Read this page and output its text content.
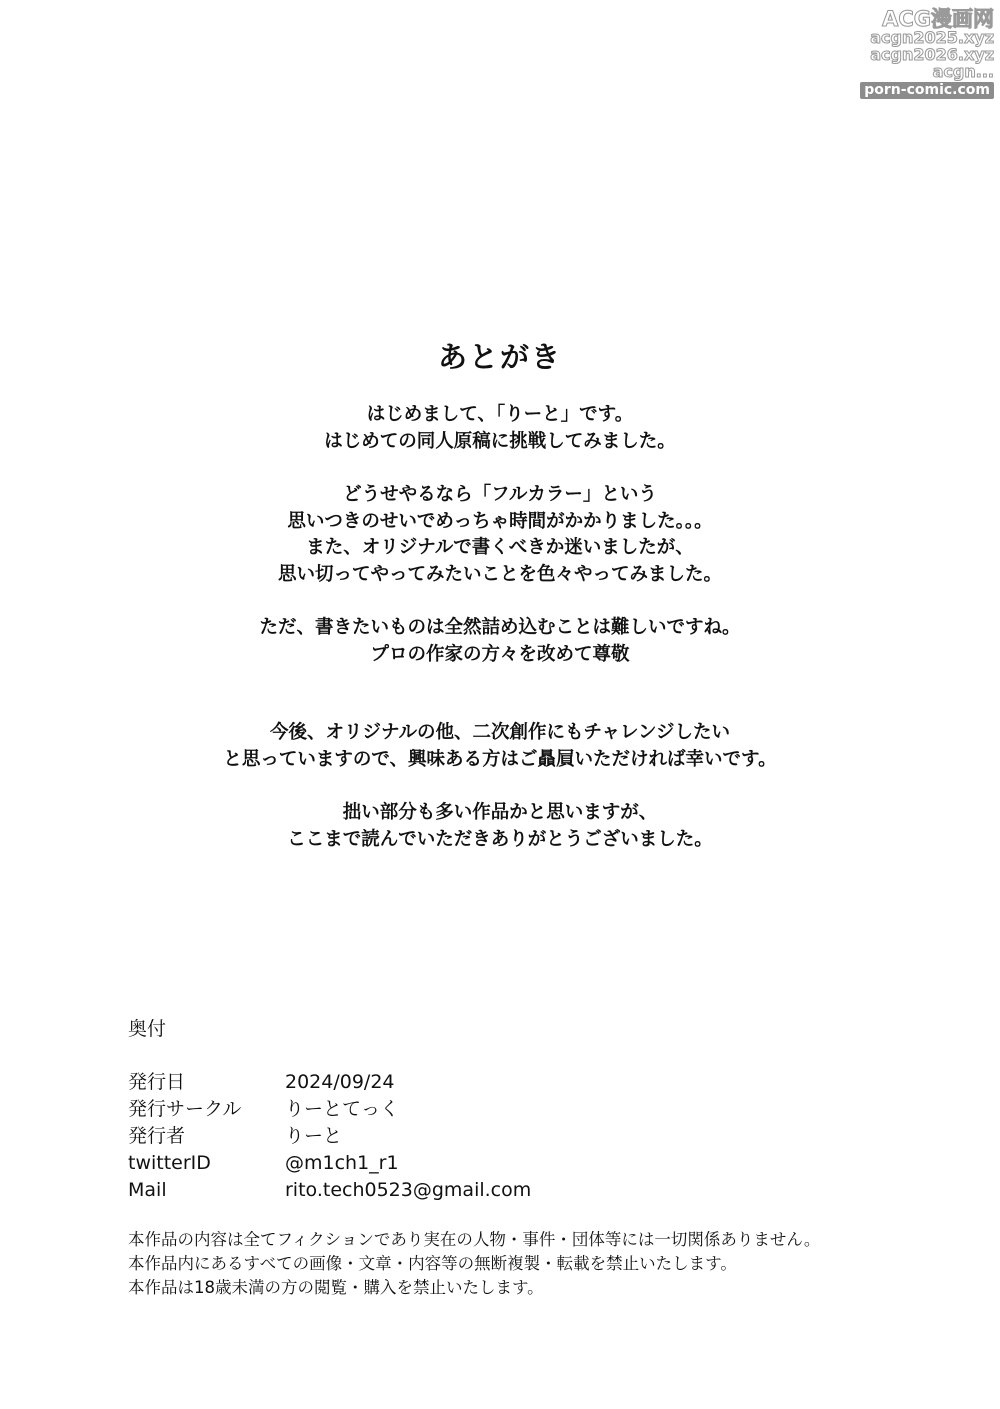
ACG漫画网
acgn2025.xyz
acgn2026.xyz
acgn...
porn-comic.com
あとがき
はじめまして、「りーと」です。
はじめての同人原稿に挑戦してみました。
どうせやるなら「フルカラー」という
思いつきのせいでめっちゃ時間がかかりました。。。
また、オリジナルで書くべきか迷いましたが、
思い切ってやってみたいことを色々やってみました。
ただ、書きたいものは全然詰め込むことは難しいですね。
プロの作家の方々を改めて尊敬
今後、オリジナルの他、二次創作にもチャレンジしたい
と思っていますので、興味ある方はご贔屓いただければ幸いです。
拙い部分も多い作品かと思いますが、
ここまで読んでいただきありがとうございました。
奥付
発行日	2024/09/24
発行サークル	りーとてっく
発行者	りーと
twitterID	@m1ch1_r1
Mail	rito.tech0523@gmail.com
本作品の内容は全てフィクションであり実在の人物・事件・団体等には一切関係ありません。
本作品内にあるすべての画像・文章・内容等の無断複製・転載を禁止いたします。
本作品は18歳未満の方の閲覧・購入を禁止いたします。
